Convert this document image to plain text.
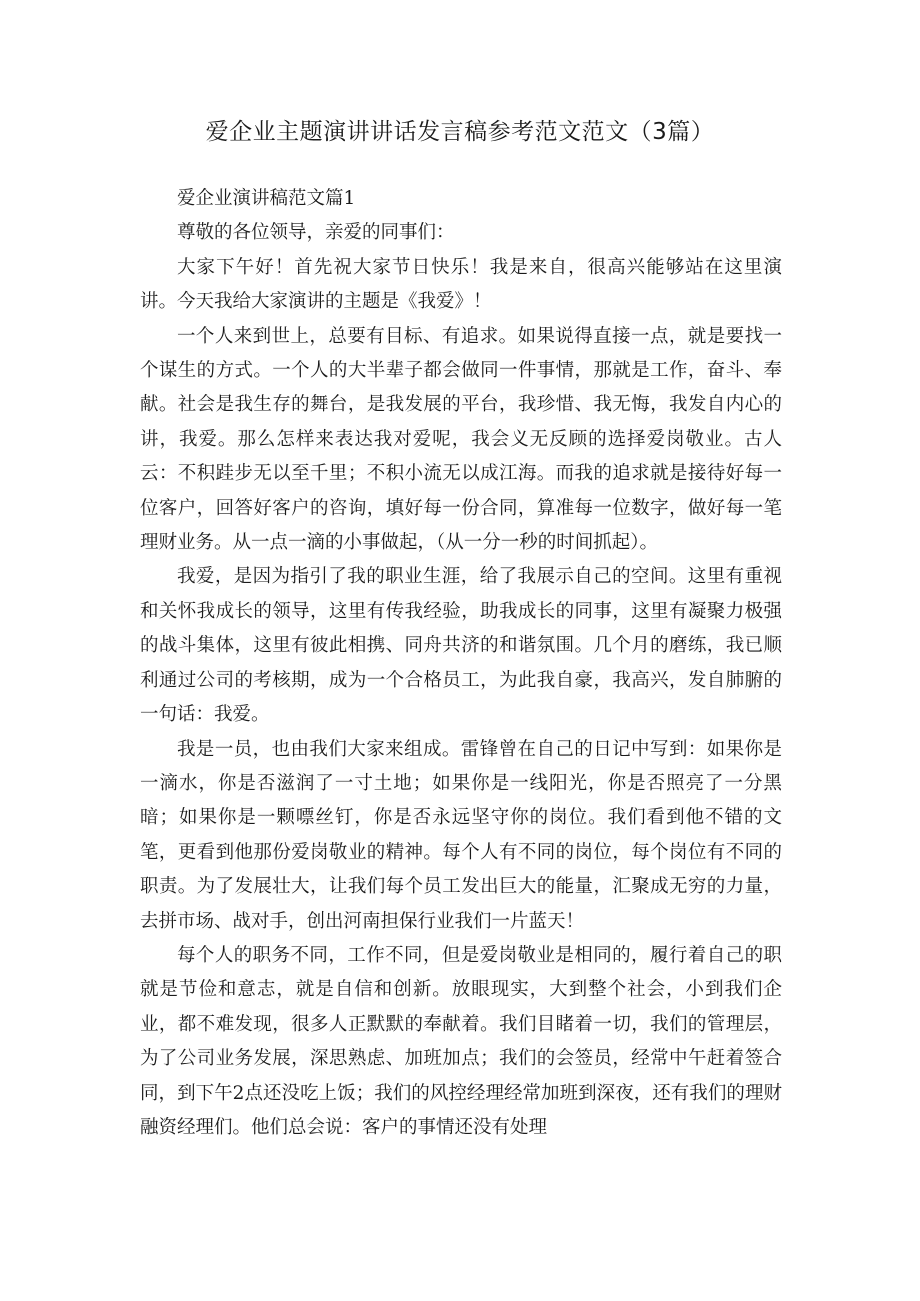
爱企业主题演讲讲话发言稿参考范文范文（3篇）

爱企业演讲稿范文篇1

尊敬的各位领导，亲爱的同事们：

大家下午好！首先祝大家节日快乐！我是来自，很高兴能够站在这里演讲。今天我给大家演讲的主题是《我爱》！

一个人来到世上，总要有目标、有追求。如果说得直接一点，就是要找一个谋生的方式。一个人的大半辈子都会做同一件事情，那就是工作，奋斗、奉献。社会是我生存的舞台，是我发展的平台，我珍惜、我无悔，我发自内心的讲，我爱。那么怎样来表达我对爱呢，我会义无反顾的选择爱岗敬业。古人云：不积跬步无以至千里；不积小流无以成江海。而我的追求就是接待好每一位客户，回答好客户的咨询，填好每一份合同，算准每一位数字，做好每一笔理财业务。从一点一滴的小事做起，（从一分一秒的时间抓起）。

我爱，是因为指引了我的职业生涯，给了我展示自己的空间。这里有重视和关怀我成长的领导，这里有传我经验，助我成长的同事，这里有凝聚力极强的战斗集体，这里有彼此相携、同舟共济的和谐氛围。几个月的磨练，我已顺利通过公司的考核期，成为一个合格员工，为此我自豪，我高兴，发自肺腑的一句话：我爱。

我是一员，也由我们大家来组成。雷锋曾在自己的日记中写到：如果你是一滴水，你是否滋润了一寸土地；如果你是一线阳光，你是否照亮了一分黑暗；如果你是一颗嘌丝钉，你是否永远坚守你的岗位。我们看到他不错的文笔，更看到他那份爱岗敬业的精神。每个人有不同的岗位，每个岗位有不同的职责。为了发展壮大，让我们每个员工发出巨大的能量，汇聚成无穷的力量，去拼市场、战对手，创出河南担保行业我们一片蓝天！

每个人的职务不同，工作不同，但是爱岗敬业是相同的，履行着自己的职就是节俭和意志，就是自信和创新。放眼现实，大到整个社会，小到我们企业，都不难发现，很多人正默默的奉献着。我们目睹着一切，我们的管理层，为了公司业务发展，深思熟虑、加班加点；我们的会签员，经常中午赶着签合同，到下午2点还没吃上饭；我们的风控经理经常加班到深夜，还有我们的理财融资经理们。他们总会说：客户的事情还没有处理
